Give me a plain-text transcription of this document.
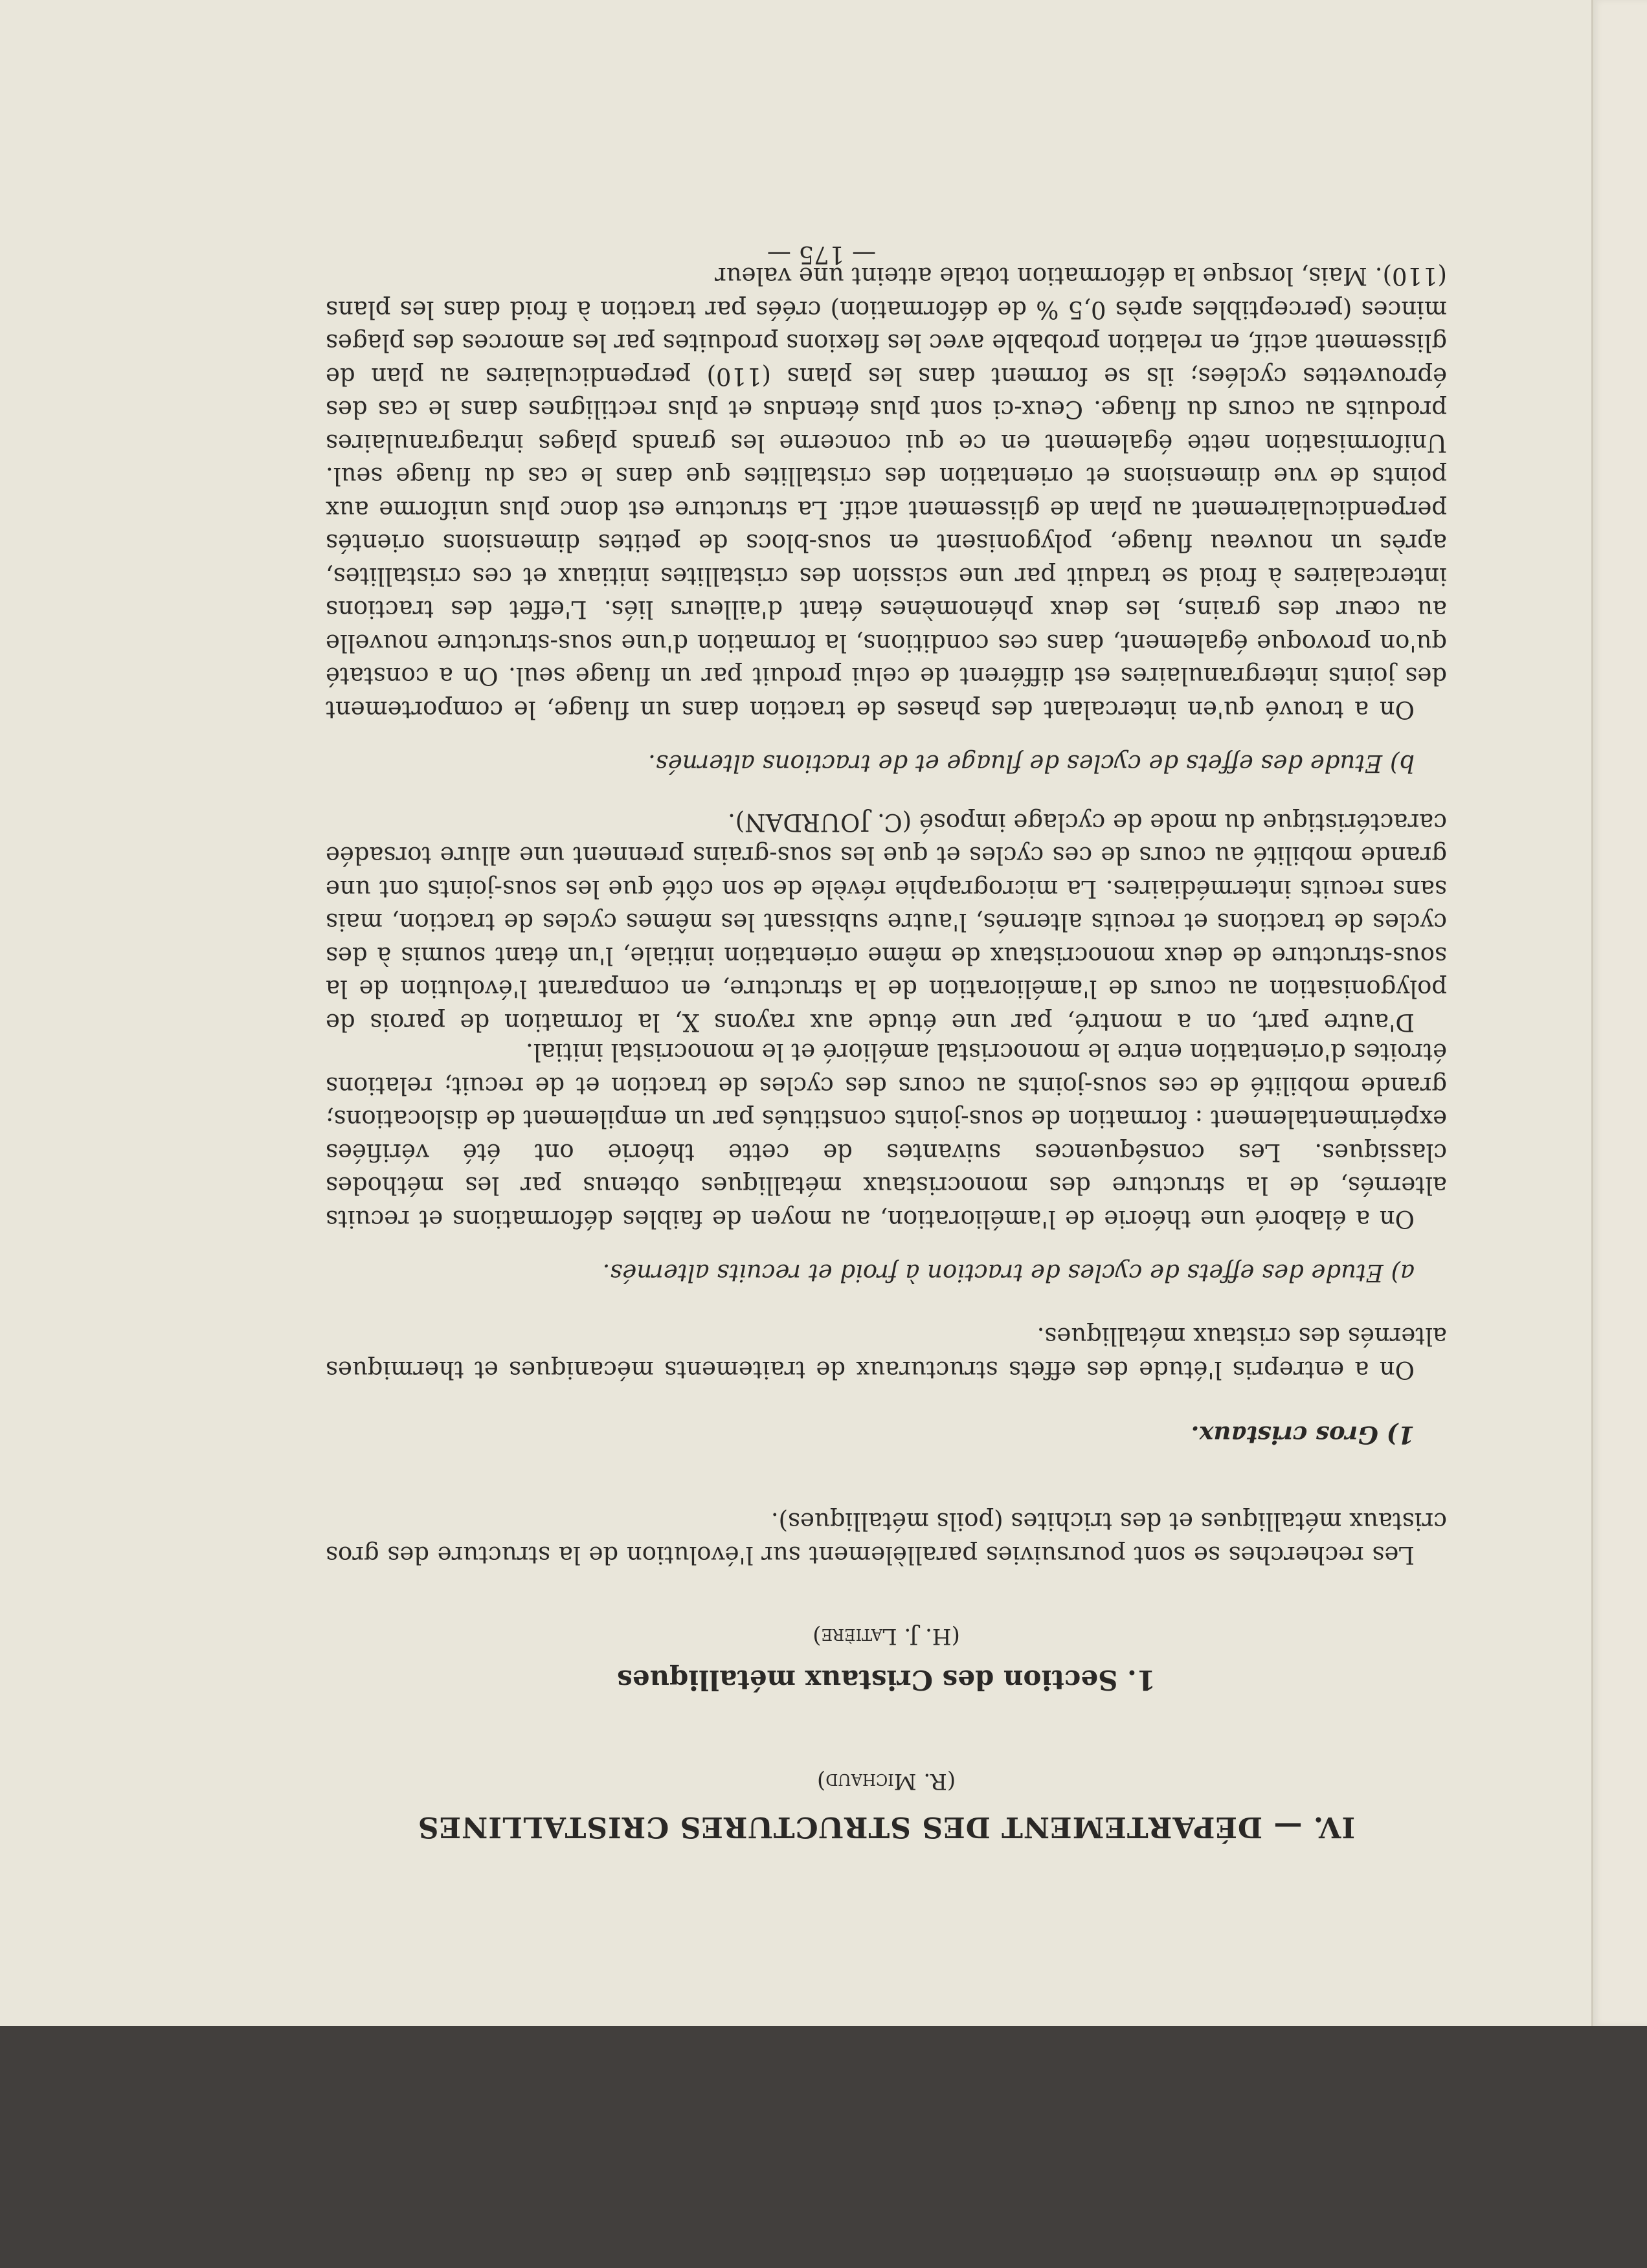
IV. — DÉPARTEMENT DES STRUCTURES CRISTALLINES
(R. Michaud)
1. Section des Cristaux métalliques
(H. J. Latière)
Les recherches se sont poursuivies parallèlement sur l'évolution de la structure des gros cristaux métalliques et des trichites (poils métalliques).
1) Gros cristaux.
On a entrepris l'étude des effets structuraux de traitements mécaniques et thermiques alternés des cristaux métalliques.
a) Etude des effets de cycles de traction à froid et recuits alternés.
On a élaboré une théorie de l'amélioration, au moyen de faibles déformations et recuits alternés, de la structure des monocristaux métalliques obtenus par les méthodes classiques. Les conséquences suivantes de cette théorie ont été vérifiées expérimentalement : formation de sous-joints constitués par un empilement de dislocations; grande mobilité de ces sous-joints au cours des cycles de traction et de recuit; relations étroites d'orientation entre le monocristal amélioré et le monocristal initial.
D'autre part, on a montré, par une étude aux rayons X, la formation de parois de polygonisation au cours de l'amélioration de la structure, en comparant l'évolution de la sous-structure de deux monocristaux de même orientation initiale, l'un étant soumis à des cycles de tractions et recuits alternés, l'autre subissant les mêmes cycles de traction, mais sans recuits intermédiaires. La micrographie révèle de son côté que les sous-joints ont une grande mobilité au cours de ces cycles et que les sous-grains prennent une allure torsadée caractéristique du mode de cyclage imposé (C. JOURDAN).
b) Etude des effets de cycles de fluage et de tractions alternés.
On a trouvé qu'en intercalant des phases de traction dans un fluage, le comportement des joints intergranulaires est différent de celui produit par un fluage seul. On a constaté qu'on provoque également, dans ces conditions, la formation d'une sous-structure nouvelle au cœur des grains, les deux phénomènes étant d'ailleurs liés. L'effet des tractions intercalaires à froid se traduit par une scission des cristallites initiaux et ces cristallites, après un nouveau fluage, polygonisent en sous-blocs de petites dimensions orientés perpendiculairement au plan de glissement actif. La structure est donc plus uniforme aux points de vue dimensions et orientation des cristallites que dans le cas du fluage seul. Uniformisation nette également en ce qui concerne les grands plages intragranulaires produits au cours du fluage. Ceux-ci sont plus étendus et plus rectilignes dans le cas des éprouvettes cyclées; ils se forment dans les plans (110) perpendiculaires au plan de glissement actif, en relation probable avec les flexions produites par les amorces des plages minces (perceptibles après 0,5 % de déformation) créés par traction à froid dans les plans (110). Mais, lorsque la déformation totale atteint une valeur
— 175 —
